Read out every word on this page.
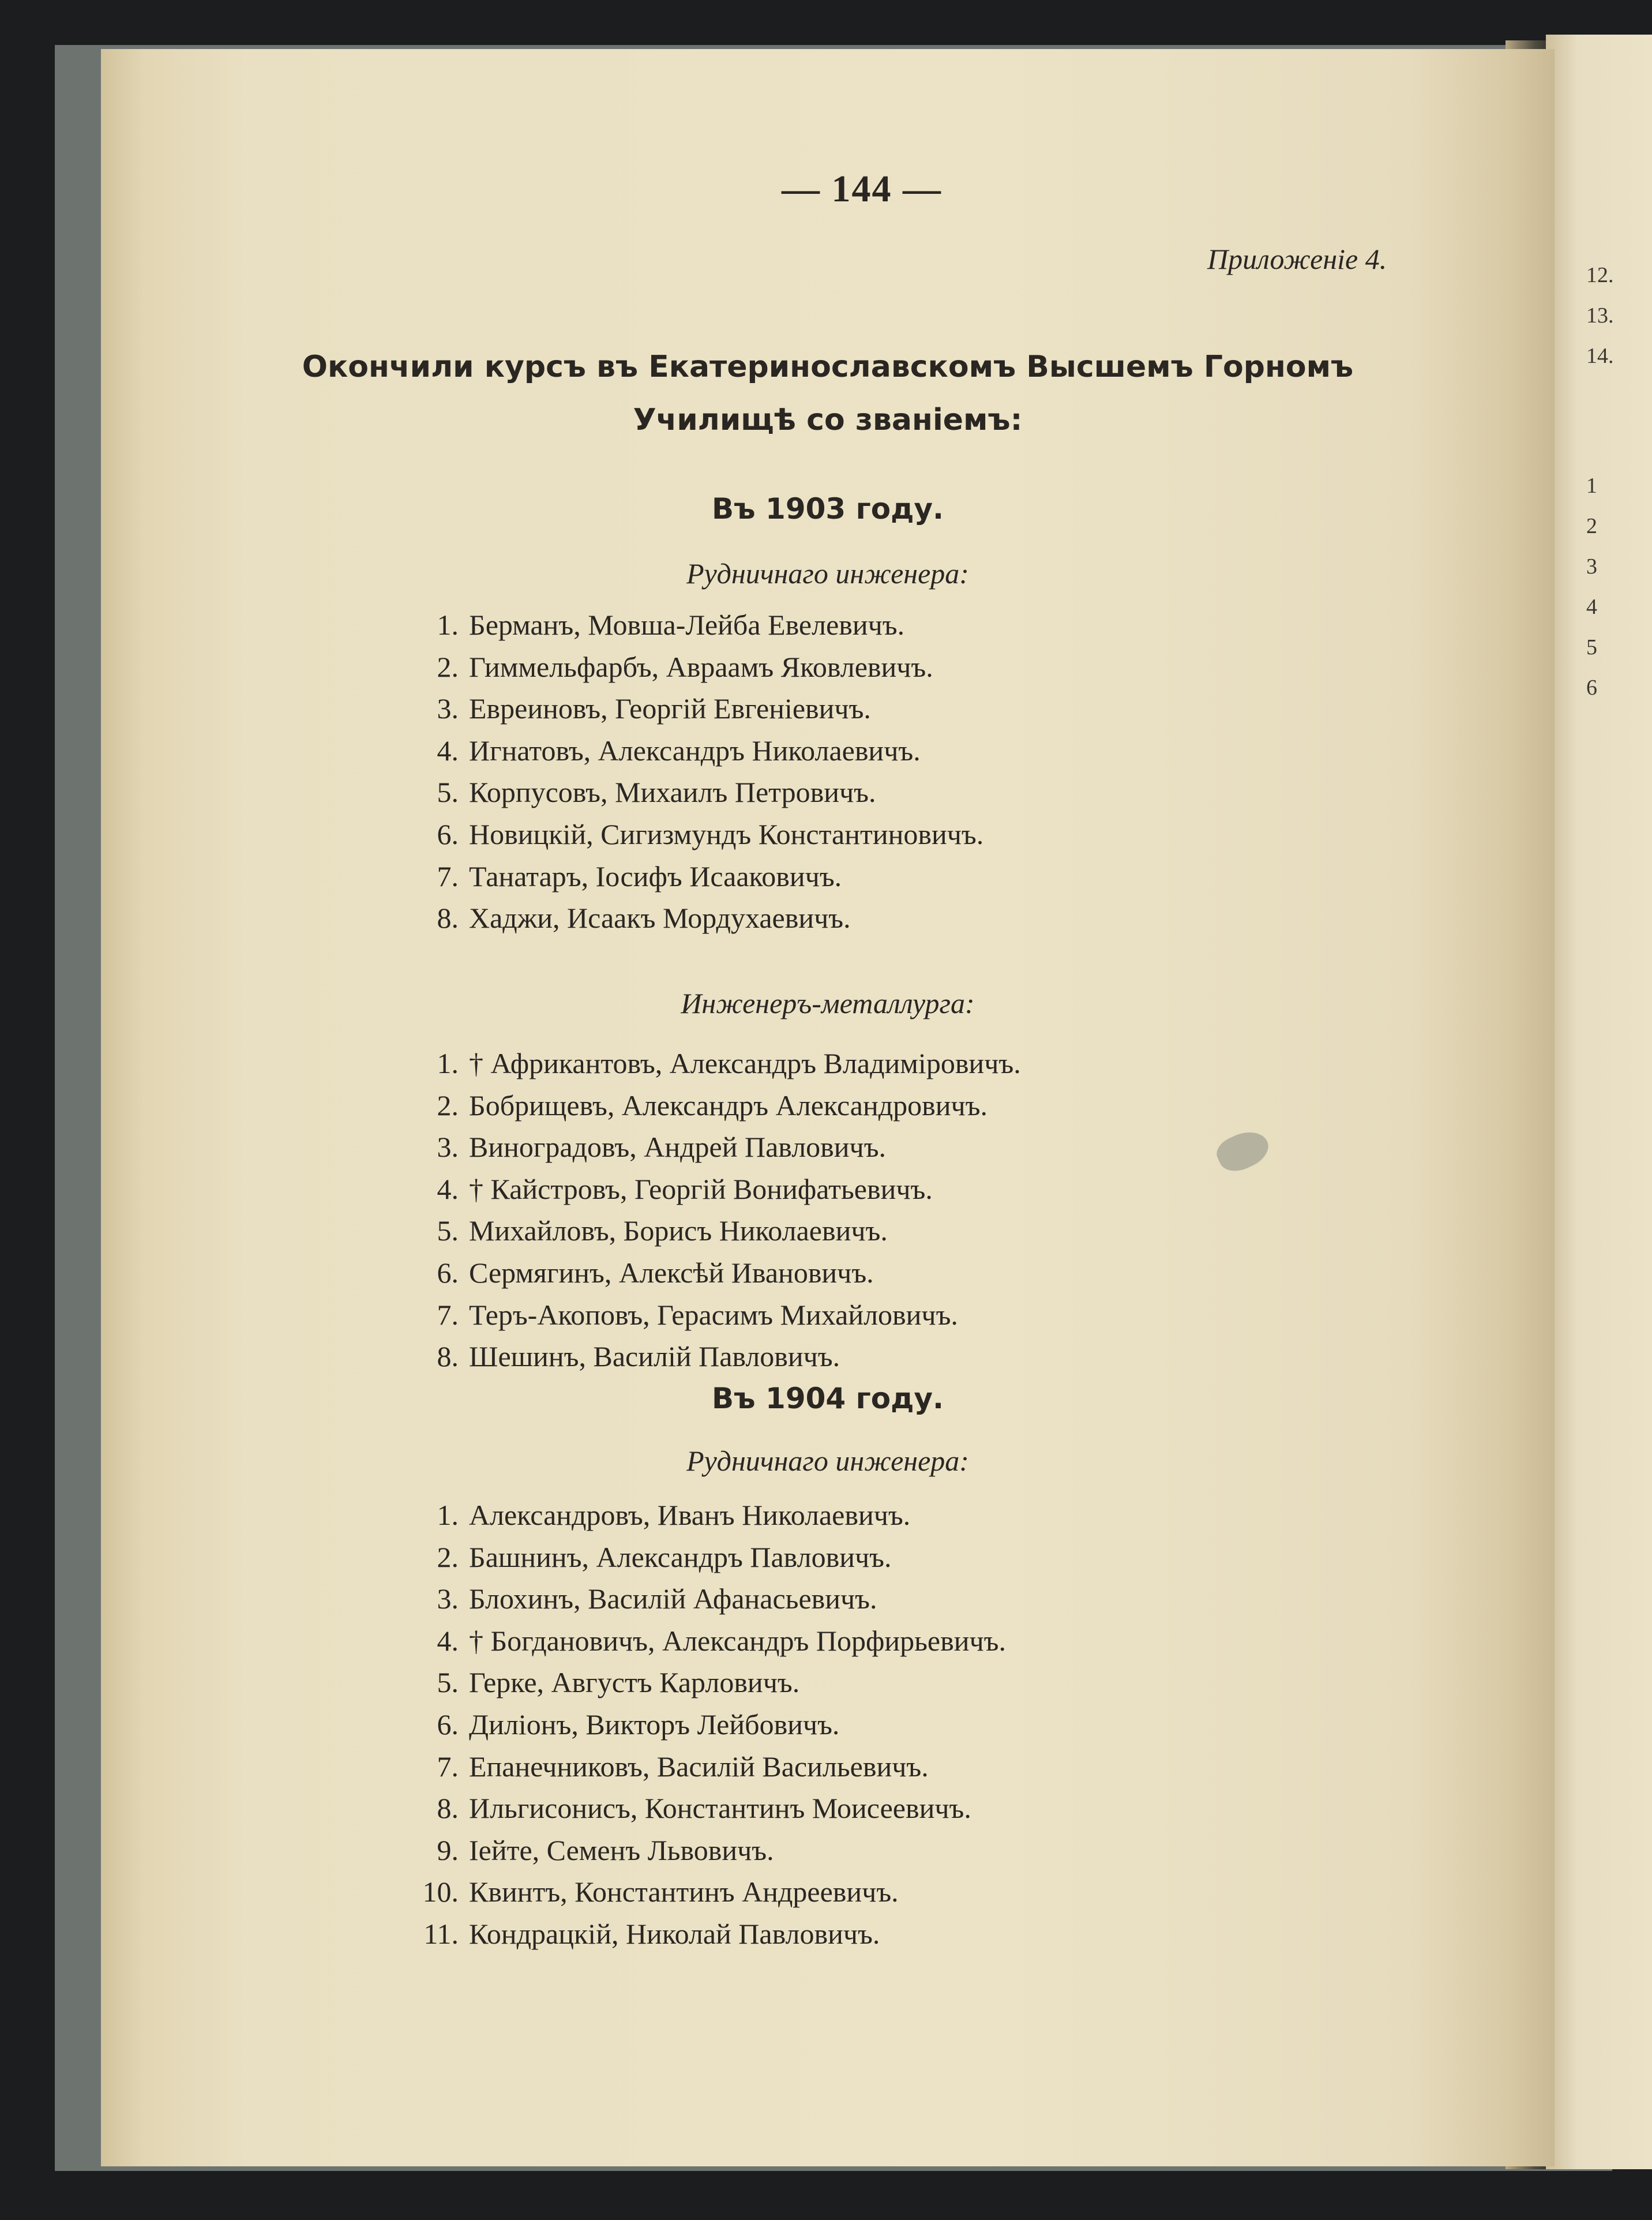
12.
13.
14.
1
2
3
4
5
6
— 144 —
Приложеніе 4.
Окончили курсъ въ Екатеринославскомъ Высшемъ Горномъ
Училищѣ со званіемъ:
Въ 1903 году.
Рудничнаго инженера:
1. Берманъ, Мовша-Лейба Евелевичъ.
2. Гиммельфарбъ, Авраамъ Яковлевичъ.
3. Евреиновъ, Георгій Евгеніевичъ.
4. Игнатовъ, Александръ Николаевичъ.
5. Корпусовъ, Михаилъ Петровичъ.
6. Новицкій, Сигизмундъ Константиновичъ.
7. Танатаръ, Іосифъ Исааковичъ.
8. Хаджи, Исаакъ Мордухаевичъ.
Инженеръ-металлурга:
1. † Африкантовъ, Александръ Владиміровичъ.
2. Бобрищевъ, Александръ Александровичъ.
3. Виноградовъ, Андрей Павловичъ.
4. † Кайстровъ, Георгій Вонифатьевичъ.
5. Михайловъ, Борисъ Николаевичъ.
6. Сермягинъ, Алексѣй Ивановичъ.
7. Теръ-Акоповъ, Герасимъ Михайловичъ.
8. Шешинъ, Василій Павловичъ.
Въ 1904 году.
Рудничнаго инженера:
1. Александровъ, Иванъ Николаевичъ.
2. Башнинъ, Александръ Павловичъ.
3. Блохинъ, Василій Афанасьевичъ.
4. † Богдановичъ, Александръ Порфирьевичъ.
5. Герке, Августъ Карловичъ.
6. Диліонъ, Викторъ Лейбовичъ.
7. Епанечниковъ, Василій Васильевичъ.
8. Ильгисонисъ, Константинъ Моисеевичъ.
9. Іейте, Семенъ Львовичъ.
10. Квинтъ, Константинъ Андреевичъ.
11. Кондрацкій, Николай Павловичъ.
